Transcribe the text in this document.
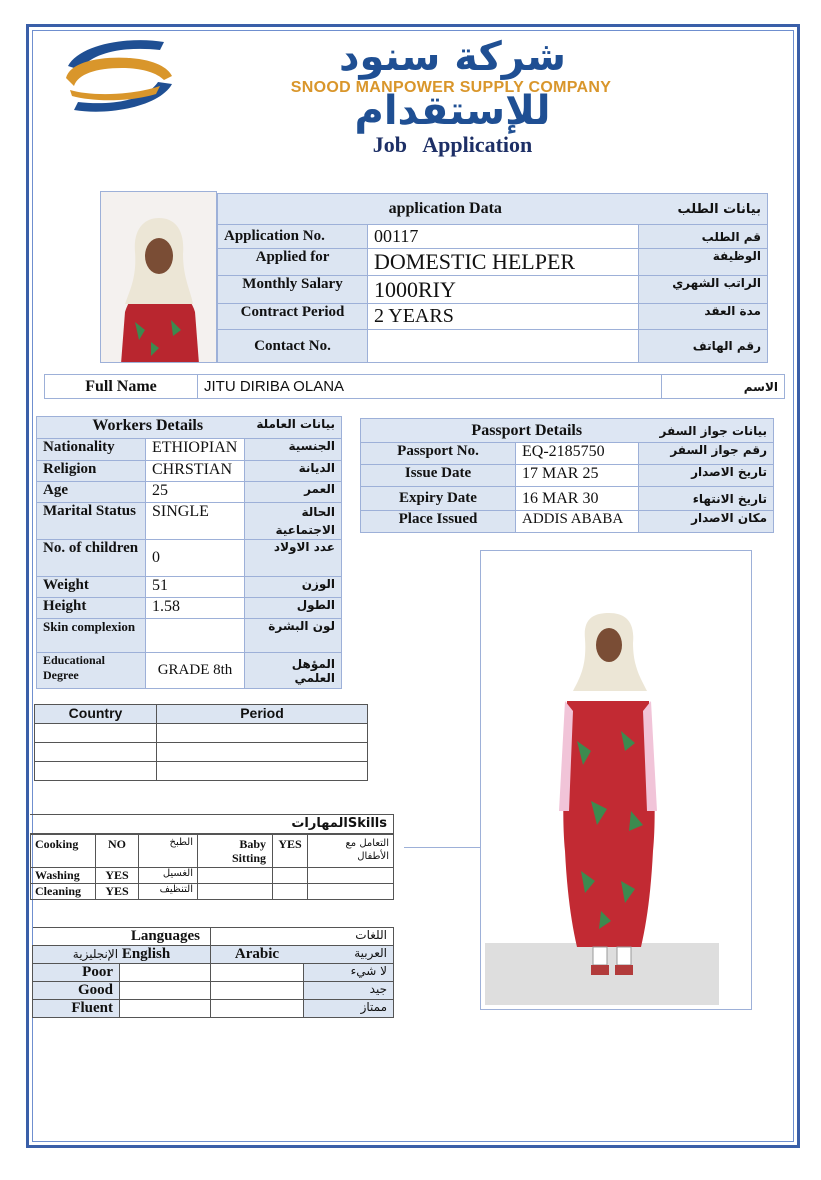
شركة سنود للإستقدام
SNOOD MANPOWER SUPPLY COMPANY
Job   Application
application Data		بيانات الطلب
Application No.	00117	قم الطلب
Applied for	DOMESTIC HELPER	الوظيفة
Monthly Salary	1000RIY	الراتب الشهري
Contract Period	2 YEARS	مدة العقد
Contact No.		رقم الهاتف
Full Name	JITU DIRIBA OLANA	الاسم
Workers Details		بيانات العاملة
Nationality	ETHIOPIAN	الجنسية
Religion	CHRSTIAN	الديانة
Age	25	العمر
Marital Status	SINGLE	الحالة الاجتماعية
No. of children	0	عدد الاولاد
Weight	51	الوزن
Height	1.58	الطول
Skin complexion		لون البشرة
Educational Degree	GRADE 8th	المؤهل العلمي
Passport Details		بيانات جواز السفر
Passport No.	EQ-2185750	رقم جواز السفر
Issue Date	17 MAR 25	تاريخ الاصدار
Expiry Date	16 MAR 30	تاريخ الانتهاء
Place Issued	ADDIS ABABA	مكان الاصدار
Country	Period

المهاراتSkills
Cooking	NO	الطبخ	Baby Sitting	YES	التعامل مع الأطفال
Washing	YES	الغسيل			
Cleaning	YES	التنظيف			
Languages		اللغات	
الإنجليزية English		Arabic	العربية
Poor			لا شيء
Good			جيد
Fluent			ممتاز
